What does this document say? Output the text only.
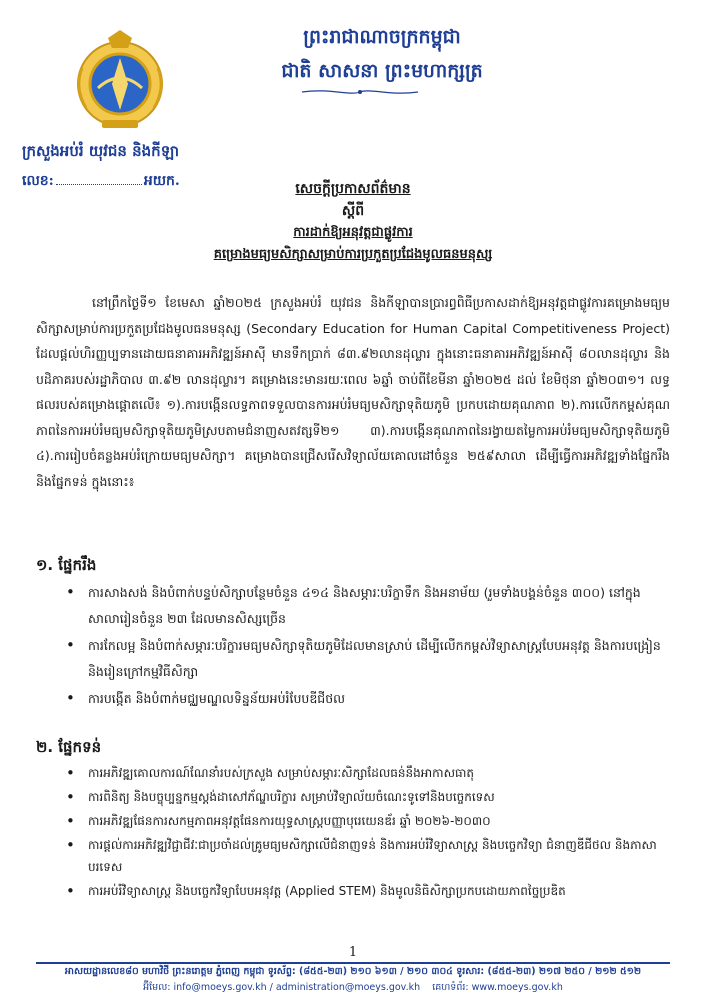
ព្រះរាជាណាចក្រកម្ពុជា
ជាតិ សាសនា ព្រះមហាក្សត្រ
ក្រសួងអប់រំ យុវជន និងកីឡា
លេខ:	អយក.	សេចក្តីប្រកាសព័ត៌មាន
ស្តីពី
ការដាក់ឱ្យអនុវត្តជាផ្លូវការ
គម្រោងមធ្យមសិក្សាសម្រាប់ការប្រកួតប្រជែងមូលធនមនុស្ស

នៅព្រឹកថ្ងៃទី១ ខែមេសា ឆ្នាំ២០២៥ ក្រសួងអប់រំ យុវជន និងកីឡាបានប្រារព្ធពិធីប្រកាសដាក់ឱ្យអនុវត្តជាផ្លូវការគម្រោងមធ្យមសិក្សាសម្រាប់ការប្រកួតប្រជែងមូលធនមនុស្ស (Secondary Education for Human Capital Competitiveness Project) ដែលផ្តល់ហិរញ្ញប្បទានដោយធនាគារអភិវឌ្ឍន៍អាស៊ី មានទឹកប្រាក់ ៨៣.៩២លានដុល្លារ ក្នុងនោះធនាគារអភិវឌ្ឍន៍អាស៊ី ៨០លានដុល្លារ និងបដិភាគរបស់រដ្ឋាភិបាល ៣.៩២ លានដុល្លារ។ គម្រោងនេះមានរយៈពេល ៦ឆ្នាំ ចាប់ពីខែមីនា ឆ្នាំ២០២៥ ដល់ ខែមិថុនា ឆ្នាំ២០៣១។ លទ្ធផលរបស់គម្រោងផ្តោតលើ៖ ១).ការបង្កើនលទ្ធភាពទទួលបានការអប់រំមធ្យមសិក្សាទុតិយភូមិ ប្រកបដោយគុណភាព ២).ការលើកកម្ពស់គុណភាពនៃការអប់រំមធ្យមសិក្សាទុតិយភូមិស្របតាមជំនាញសតវត្សទី២១ ៣).ការបង្កើនគុណភាពនៃរង្វាយតម្លៃការអប់រំមធ្យមសិក្សាទុតិយភូមិ ៤).ការរៀបចំគន្លងអប់រំក្រោយមធ្យមសិក្សា។ គម្រោងបានជ្រើសរើសវិទ្យាល័យគោលដៅចំនួន ២៥៩សាលា ដើម្បីធ្វើការអភិវឌ្ឍទាំងផ្នែករឹង និងផ្នែកទន់ ក្នុងនោះ៖

១. ផ្នែករឹង
• ការសាងសង់ និងបំពាក់បន្ទប់សិក្សាបន្ថែមចំនួន ៤១៤ និងសម្ភារៈបរិក្ខាទឹក និងអនាម័យ (រួមទាំងបង្គន់ចំនួន ៣០០) នៅក្នុងសាលារៀនចំនួន ២៣ ដែលមានសិស្សច្រើន
• ការកែលម្អ និងបំពាក់សម្ភារៈបរិក្ខារមធ្យមសិក្សាទុតិយភូមិដែលមានស្រាប់ ដើម្បីលើកកម្ពស់វិទ្យាសាស្ត្របែបអនុវត្ត និងការបង្រៀន និងរៀនក្រៅកម្មវិធីសិក្សា
• ការបង្កើត និងបំពាក់មជ្ឈមណ្ឌលទិន្នន័យអប់រំបែបឌីជីថល
២. ផ្នែកទន់
• ការអភិវឌ្ឍគោលការណ៍ណែនាំរបស់ក្រសួង សម្រាប់សម្ភារៈសិក្សាដែលធន់នឹងអាកាសធាតុ
• ការពិនិត្យ និងបច្ចុប្បន្នកម្មស្តង់ដាសៅភ័ណ្ឌបរិក្ខារ សម្រាប់វិទ្យាល័យចំណេះទូទៅនិងបច្ចេកទេស
• ការអភិវឌ្ឍផែនការសកម្មភាពអនុវត្តផែនការយុទ្ធសាស្ត្របញ្ញាបុរេយេនឌ័រ ឆ្នាំ ២០២៦-២០៣០
• ការផ្តល់ការអភិវឌ្ឍវិជ្ជាជីវៈជាប្រចាំដល់គ្រូមធ្យមសិក្សាលើជំនាញទន់ និងការអប់រំវិទ្យាសាស្ត្រ និងបច្ចេកវិទ្យា ជំនាញឌីជីថល និងភាសាបរទេស
• ការអប់រំវិទ្យាសាស្ត្រ និងបច្ចេកវិទ្យាបែបអនុវត្ត (Applied STEM) និងមូលនិធិសិក្សាប្រកបដោយភាពច្នៃប្រឌិត
1
អាសយដ្ឋានលេខ៨០ មហាវិថី ព្រះនរោត្តម ភ្នំពេញ កម្ពុជា ទូរស័ព្ទ: (៨៥៥-២៣) ២១០ ៦១៣ / ២១០ ៣០៤ ទូរសារ: (៨៥៥-២៣) ២១៧ ២៥០ / ២១២ ៥១២
អ៊ីមែល: info@moeys.gov.kh / administration@moeys.gov.kh គេហទំព័រ: www.moeys.gov.kh
